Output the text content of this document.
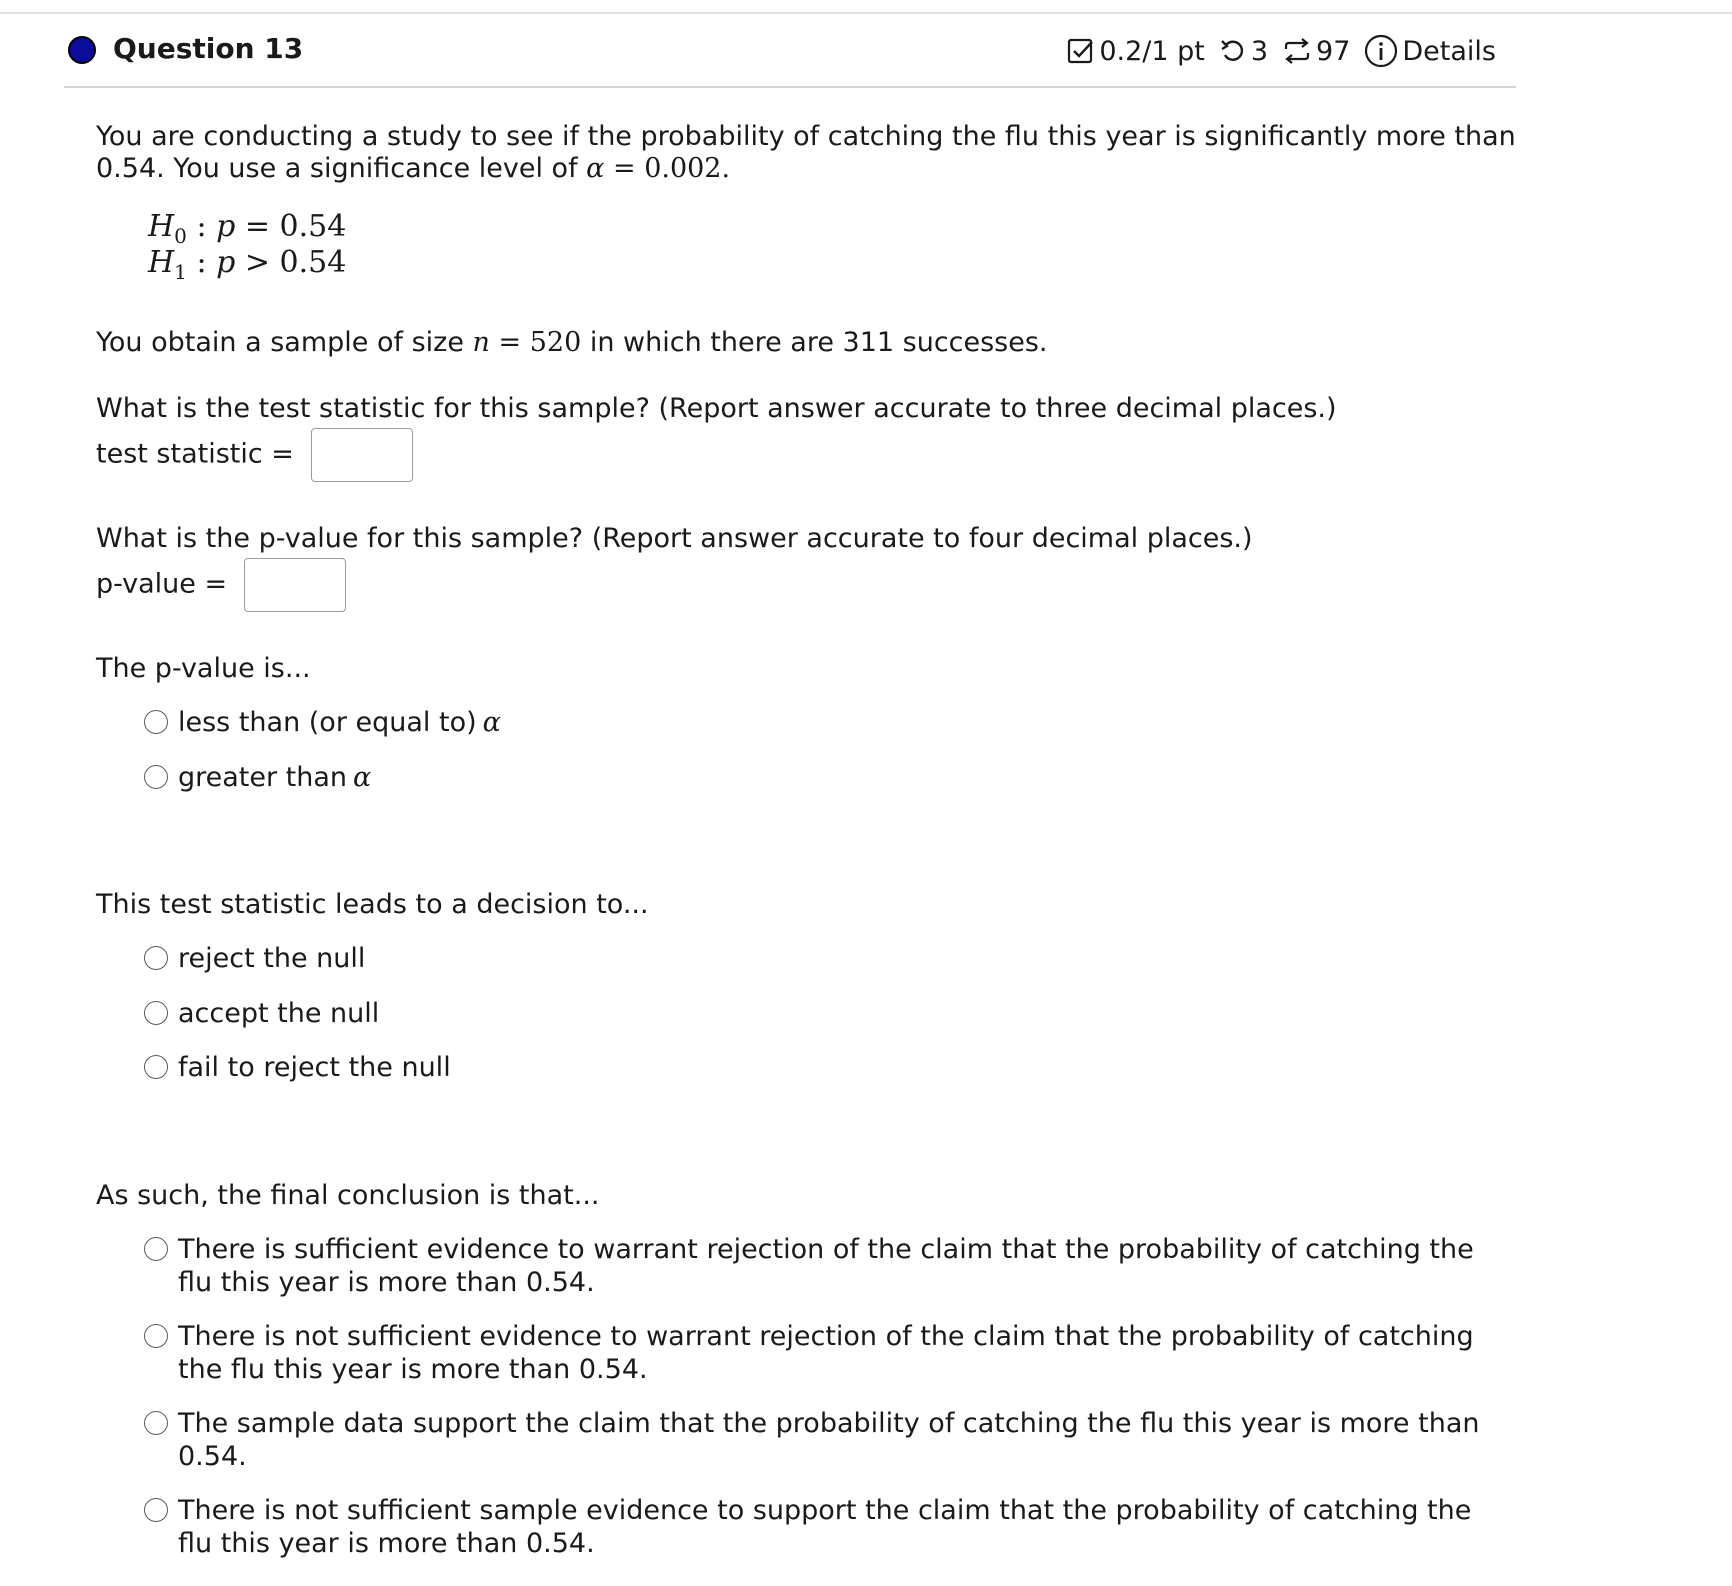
Question 13	0.2/1 pt 3 97 Details
You are conducting a study to see if the probability of catching the flu this year is significantly more than
0.54. You use a significance level of α = 0.002.
$H_0$ : p = 0.54
$H_1$ : p > 0.54
You obtain a sample of size n = 520 in which there are 311 successes.
What is the test statistic for this sample? (Report answer accurate to three decimal places.)
test statistic =
What is the p-value for this sample? (Report answer accurate to four decimal places.)
p-value =
The p-value is...
less than (or equal to) α
greater than α
This test statistic leads to a decision to...
reject the null
accept the null
fail to reject the null
As such, the final conclusion is that...
There is sufficient evidence to warrant rejection of the claim that the probability of catching the flu this year is more than 0.54.
There is not sufficient evidence to warrant rejection of the claim that the probability of catching the flu this year is more than 0.54.
The sample data support the claim that the probability of catching the flu this year is more than 0.54.
There is not sufficient sample evidence to support the claim that the probability of catching the flu this year is more than 0.54.
